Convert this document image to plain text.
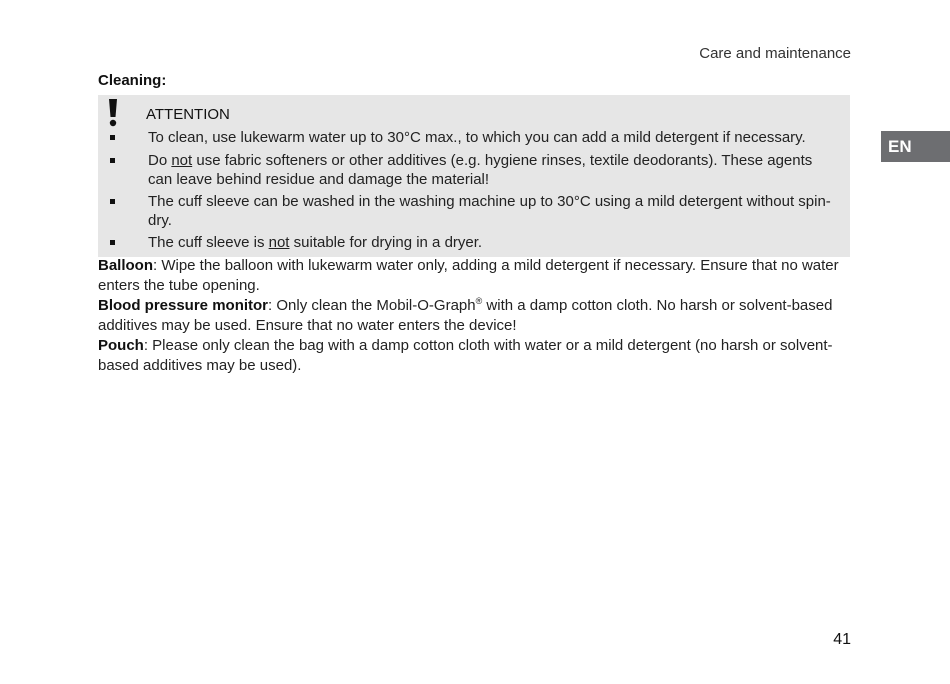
Care and maintenance
EN
Cleaning:
ATTENTION
To clean, use lukewarm water up to 30°C max., to which you can add a mild detergent if necessary.
Do not use fabric softeners or other additives (e.g. hygiene rinses, textile deodorants). These agents can leave behind residue and damage the material!
The cuff sleeve can be washed in the washing machine up to 30°C using a mild detergent without spin-dry.
The cuff sleeve is not suitable for drying in a dryer.
Balloon: Wipe the balloon with lukewarm water only, adding a mild detergent if necessary. Ensure that no water enters the tube opening.
Blood pressure monitor: Only clean the Mobil-O-Graph® with a damp cotton cloth. No harsh or solvent-based additives may be used. Ensure that no water enters the device!
Pouch: Please only clean the bag with a damp cotton cloth with water or a mild detergent (no harsh or solvent-based additives may be used).
41
